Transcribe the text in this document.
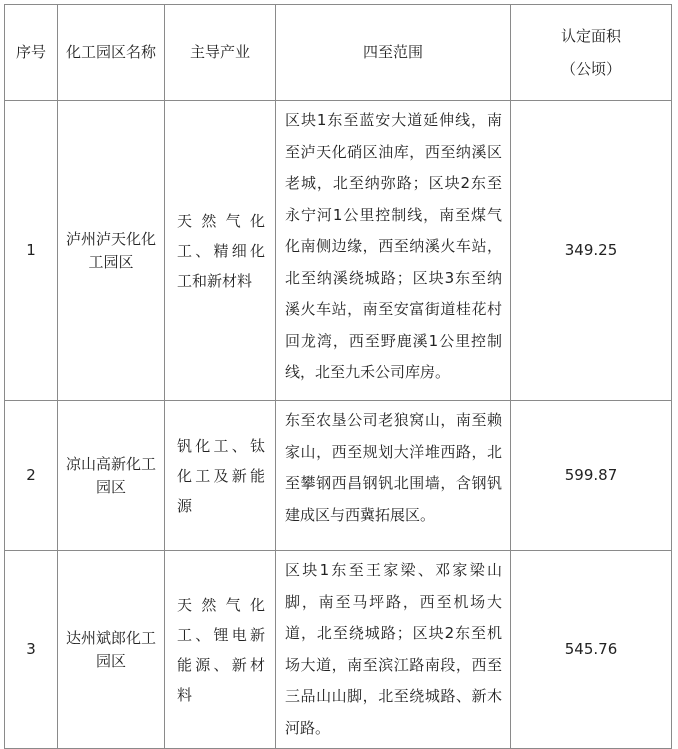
序号	化工园区名称	主导产业	四至范围	认定面积
（公顷）

1	泸州泸天化化工园区	天然气化工、精细化工和新材料	区块1东至蓝安大道延伸线，南至泸天化硝区油库，西至纳溪区老城，北至纳弥路；区块2东至永宁河1公里控制线，南至煤气化南侧边缘，西至纳溪火车站，北至纳溪绕城路；区块3东至纳溪火车站，南至安富街道桂花村回龙湾，西至野鹿溪1公里控制线，北至九禾公司库房。	349.25
2	凉山高新化工园区	钒化工、钛化工及新能源	东至农垦公司老狼窝山，南至赖家山，西至规划大洋堆西路，北至攀钢西昌钢钒北围墙，含钢钒建成区与西冀拓展区。	599.87
3	达州斌郎化工园区	天然气化工、锂电新能源、新材料	区块1东至王家梁、邓家梁山脚，南至马坪路，西至机场大道，北至绕城路；区块2东至机场大道，南至滨江路南段，西至三品山山脚，北至绕城路、新木河路。	545.76
